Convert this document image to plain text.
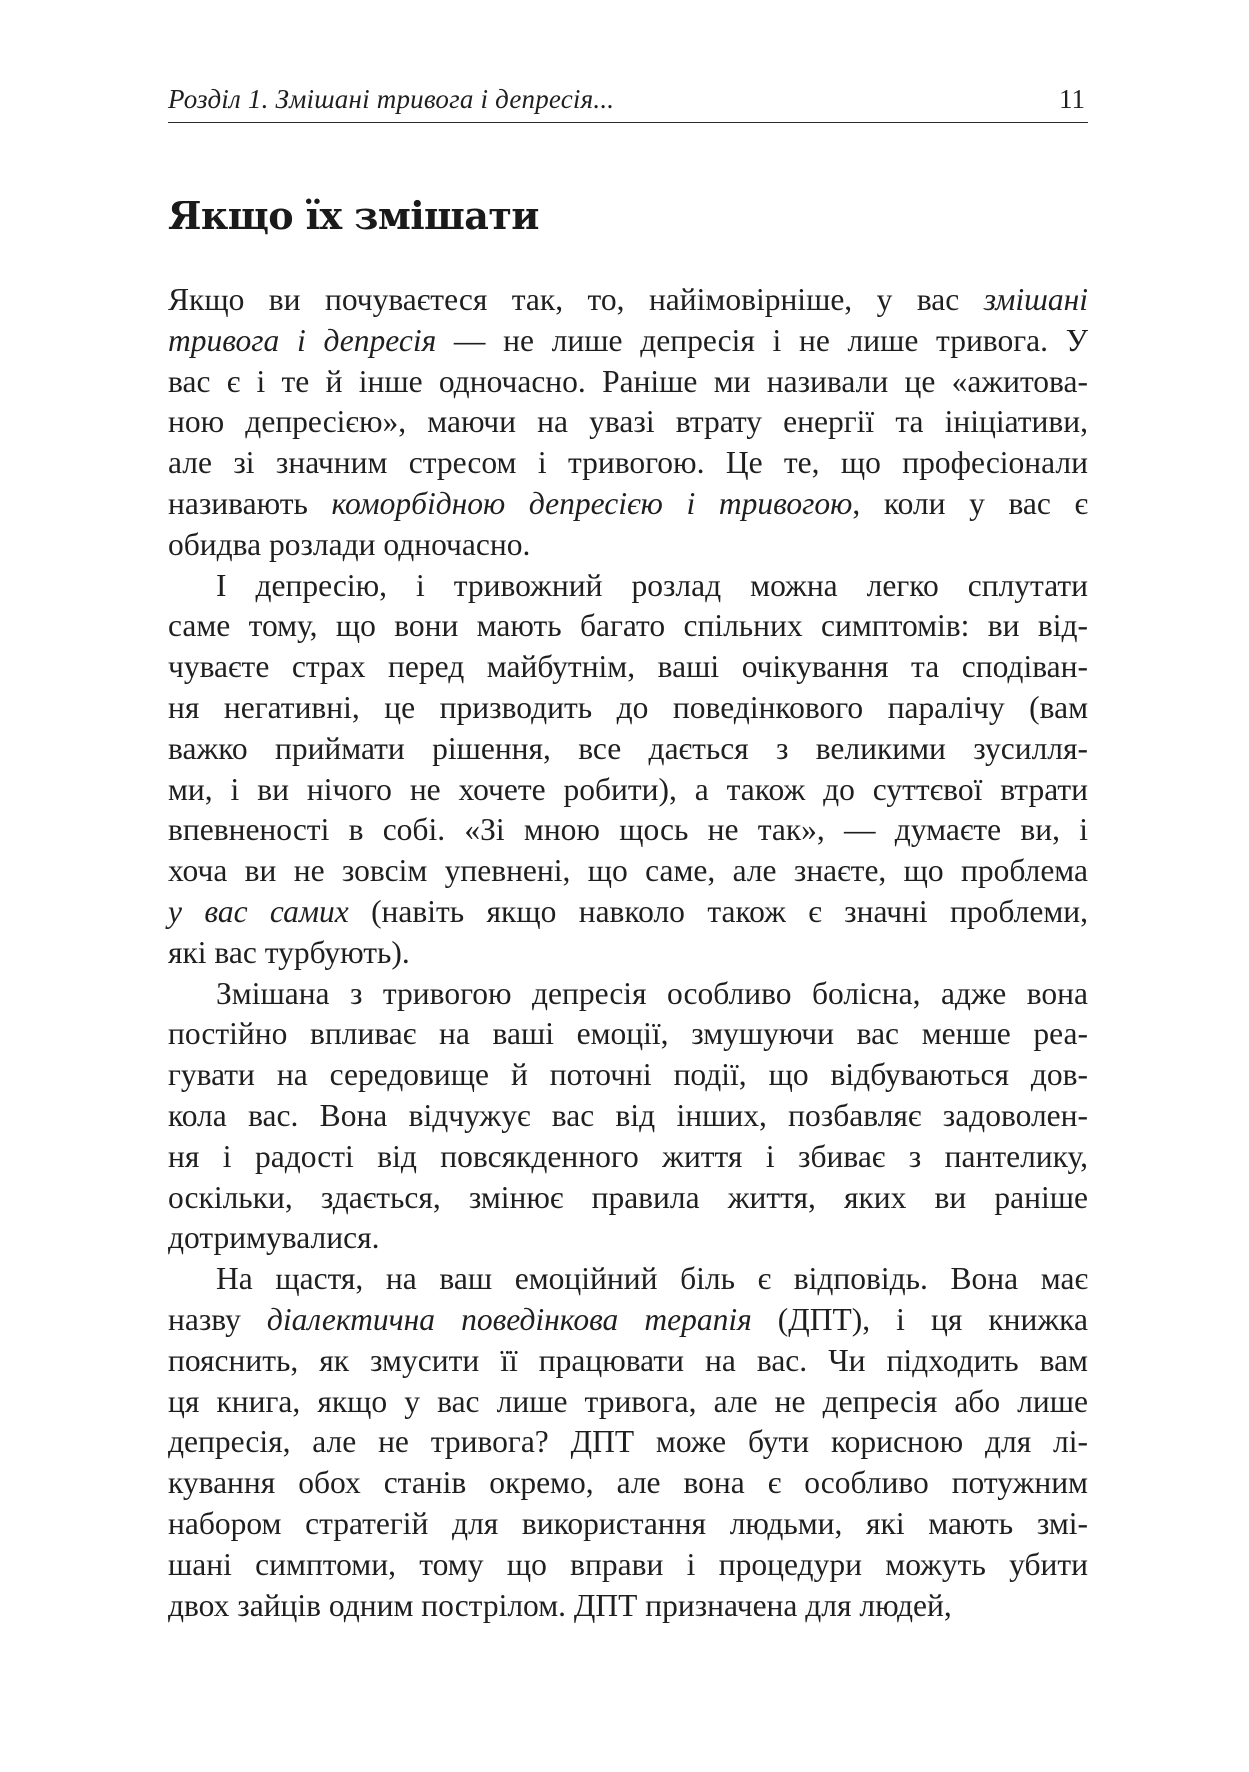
Розділ 1. Змішані тривога і депресія...	11
Якщо їх змішати
Якщо ви почуваєтеся так, то, найімовірніше, у вас змішані
тривога і депресія — не лише депресія і не лише тривога. У
вас є і те й інше одночасно. Раніше ми називали це «ажитова-
ною депресією», маючи на увазі втрату енергії та ініціативи,
але зі значним стресом і тривогою. Це те, що професіонали
називають коморбідною депресією і тривогою, коли у вас є
обидва розлади одночасно.
І депресію, і тривожний розлад можна легко сплутати
саме тому, що вони мають багато спільних симптомів: ви від-
чуваєте страх перед майбутнім, ваші очікування та сподіван-
ня негативні, це призводить до поведінкового паралічу (вам
важко приймати рішення, все дається з великими зусилля-
ми, і ви нічого не хочете робити), а також до суттєвої втрати
впевненості в собі. «Зі мною щось не так», — думаєте ви, і
хоча ви не зовсім упевнені, що саме, але знаєте, що проблема
у вас самих (навіть якщо навколо також є значні проблеми,
які вас турбують).
Змішана з тривогою депресія особливо болісна, адже вона
постійно впливає на ваші емоції, змушуючи вас менше реа-
гувати на середовище й поточні події, що відбуваються дов-
кола вас. Вона відчужує вас від інших, позбавляє задоволен-
ня і радості від повсякденного життя і збиває з пантелику,
оскільки, здається, змінює правила життя, яких ви раніше
дотримувалися.
На щастя, на ваш емоційний біль є відповідь. Вона має
назву діалектична поведінкова терапія (ДПТ), і ця книжка
пояснить, як змусити її працювати на вас. Чи підходить вам
ця книга, якщо у вас лише тривога, але не депресія або лише
депресія, але не тривога? ДПТ може бути корисною для лі-
кування обох станів окремо, але вона є особливо потужним
набором стратегій для використання людьми, які мають змі-
шані симптоми, тому що вправи і процедури можуть убити
двох зайців одним пострілом. ДПТ призначена для людей,
